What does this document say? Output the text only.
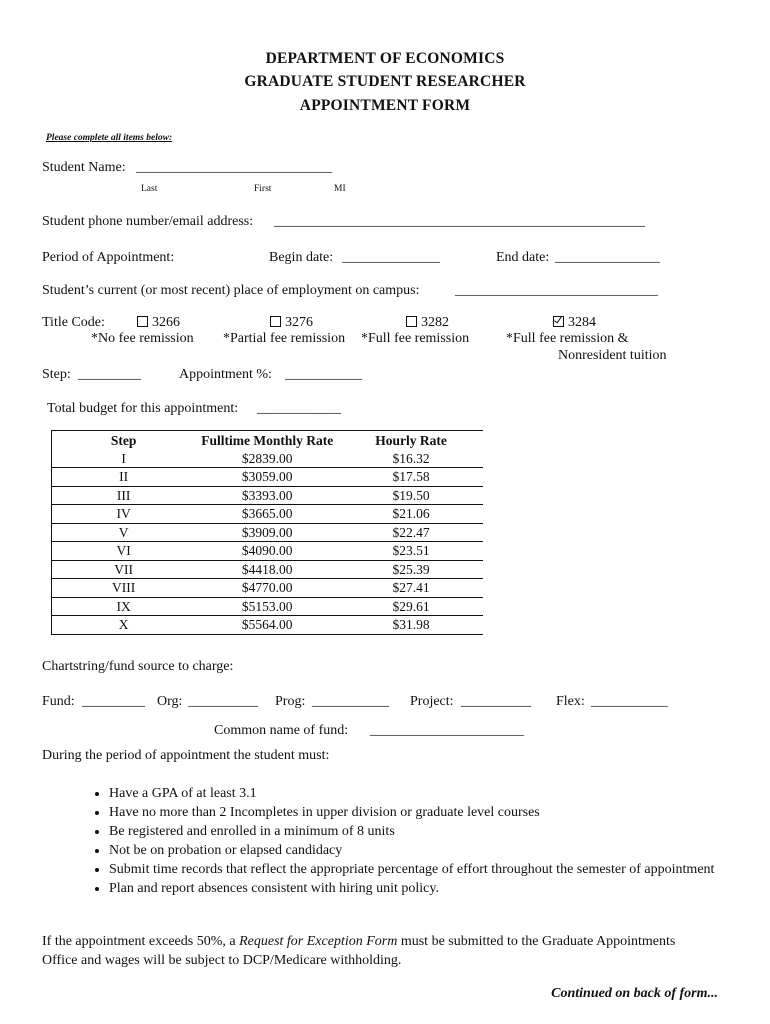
DEPARTMENT OF ECONOMICS
GRADUATE STUDENT RESEARCHER
APPOINTMENT FORM
Please complete all items below:
Student Name: ____________________________
Last	First	MI
Student phone number/email address: _____________________________________________________
Period of Appointment:	Begin date: ______________	End date: _______________
Student’s current (or most recent) place of employment on campus:	_____________________________
Title Code:	3266
*No fee remission
3276
*Partial fee remission
3282
*Full fee remission
3284
*Full fee remission &
Nonresident tuition
Step: _________	Appointment %: ___________
Total budget for this appointment: ____________
Step	Fulltime Monthly Rate	Hourly Rate
I	$2839.00	$16.32
II	$3059.00	$17.58
III	$3393.00	$19.50
IV	$3665.00	$21.06
V	$3909.00	$22.47
VI	$4090.00	$23.51
VII	$4418.00	$25.39
VIII	$4770.00	$27.41
IX	$5153.00	$29.61
X	$5564.00	$31.98
Chartstring/fund source to charge:
Fund: _________ Org: __________ Prog: ___________ Project: __________ Flex: ___________
Common name of fund: ______________________
During the period of appointment the student must:
• Have a GPA of at least 3.1
• Have no more than 2 Incompletes in upper division or graduate level courses
• Be registered and enrolled in a minimum of 8 units
• Not be on probation or elapsed candidacy
• Submit time records that reflect the appropriate percentage of effort throughout the semester of appointment
• Plan and report absences consistent with hiring unit policy.
If the appointment exceeds 50%, a Request for Exception Form must be submitted to the Graduate Appointments Office and wages will be subject to DCP/Medicare withholding.
Continued on back of form...
